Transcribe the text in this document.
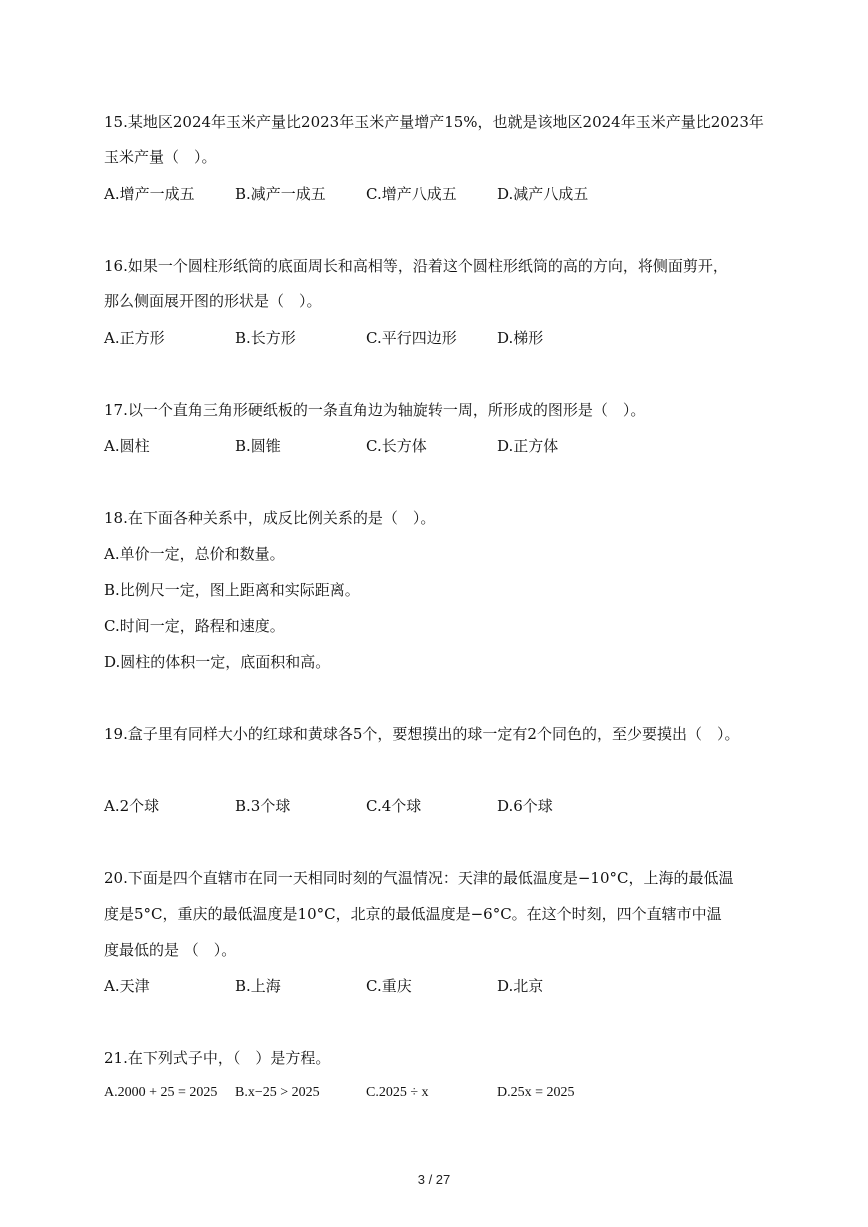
15.某地区2024年玉米产量比2023年玉米产量增产15%，也就是该地区2024年玉米产量比2023年
玉米产量（　）。
A.增产一成五	B.减产一成五	C.增产八成五	D.减产八成五
16.如果一个圆柱形纸筒的底面周长和高相等，沿着这个圆柱形纸筒的高的方向，将侧面剪开，
那么侧面展开图的形状是（　）。
A.正方形	B.长方形	C.平行四边形	D.梯形
17.以一个直角三角形硬纸板的一条直角边为轴旋转一周，所形成的图形是（　）。
A.圆柱	B.圆锥	C.长方体	D.正方体
18.在下面各种关系中，成反比例关系的是（　）。
A.单价一定，总价和数量。
B.比例尺一定，图上距离和实际距离。
C.时间一定，路程和速度。
D.圆柱的体积一定，底面积和高。
19.盒子里有同样大小的红球和黄球各5个，要想摸出的球一定有2个同色的，至少要摸出（　）。
A.2个球	B.3个球	C.4个球	D.6个球
20.下面是四个直辖市在同一天相同时刻的气温情况：天津的最低温度是−10°C，上海的最低温
度是5°C，重庆的最低温度是10°C，北京的最低温度是−6°C。在这个时刻，四个直辖市中温
度最低的是 （　）。
A.天津	B.上海	C.重庆	D.北京
21.在下列式子中，（　）是方程。
A.2000 + 25 = 2025 B.x−25 > 2025	C.2025 ÷ x	D.25x = 2025
3 / 27
